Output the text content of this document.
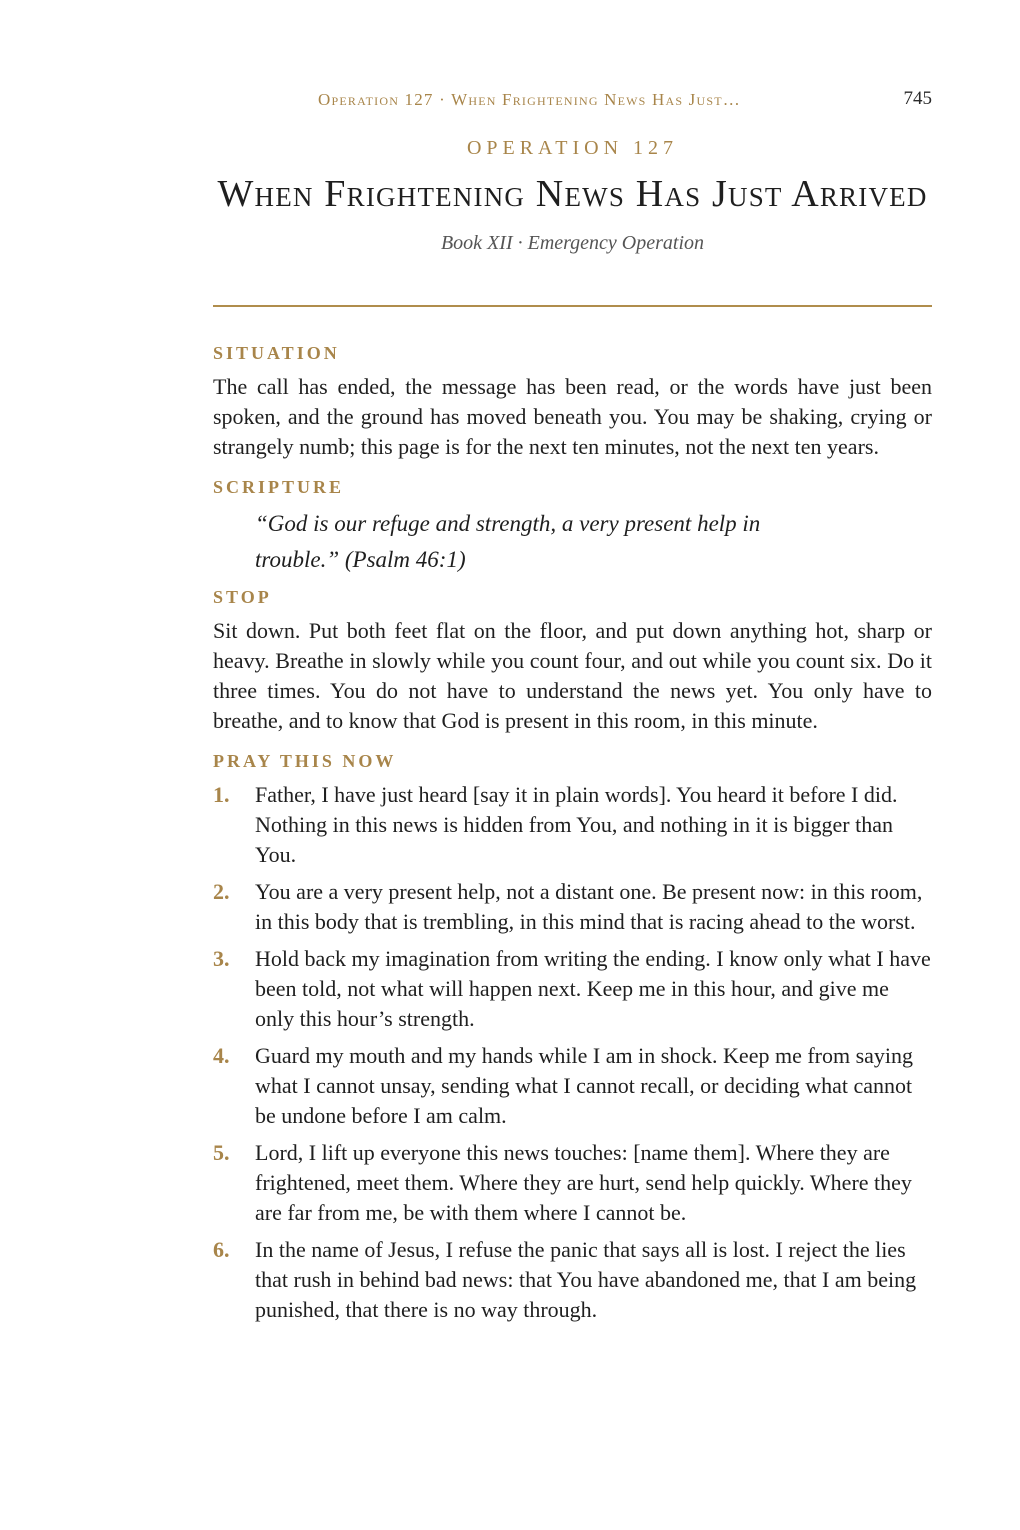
Operation 127 · When Frightening News Has Just…	745

OPERATION 127

When Frightening News Has Just Arrived

Book XII · Emergency Operation

SITUATION

The call has ended, the message has been read, or the words have just been spoken, and the ground has moved beneath you. You may be shaking, crying or strangely numb; this page is for the next ten minutes, not the next ten years.

SCRIPTURE
“God is our refuge and strength, a very present help in
trouble.” (Psalm 46:1)
STOP

Sit down. Put both feet flat on the floor, and put down anything hot, sharp or heavy. Breathe in slowly while you count four, and out while you count six. Do it three times. You do not have to understand the news yet. You only have to breathe, and to know that God is present in this room, in this minute.

PRAY THIS NOW
1.	Father, I have just heard [say it in plain words]. You heard it before I did. Nothing in this news is hidden from You, and nothing in it is bigger than You.
2.	You are a very present help, not a distant one. Be present now: in this room, in this body that is trembling, in this mind that is racing ahead to the worst.
3.	Hold back my imagination from writing the ending. I know only what I have been told, not what will happen next. Keep me in this hour, and give me only this hour’s strength.
4.	Guard my mouth and my hands while I am in shock. Keep me from saying what I cannot unsay, sending what I cannot recall, or deciding what cannot be undone before I am calm.
5.	Lord, I lift up everyone this news touches: [name them]. Where they are frightened, meet them. Where they are hurt, send help quickly. Where they are far from me, be with them where I cannot be.
6.	In the name of Jesus, I refuse the panic that says all is lost. I reject the lies that rush in behind bad news: that You have abandoned me, that I am being punished, that there is no way through.
